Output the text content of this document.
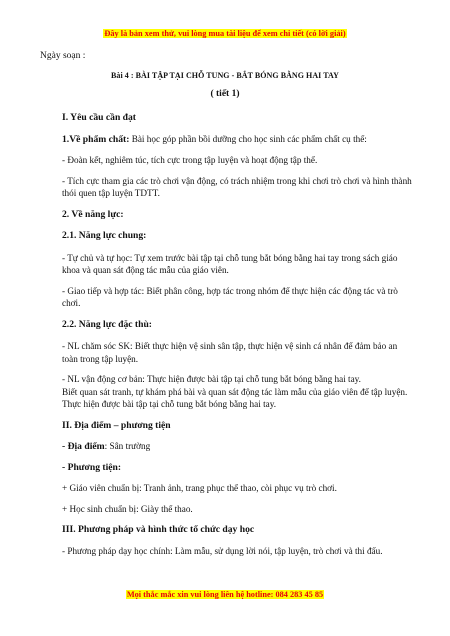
Đây là bản xem thử, vui lòng mua tài liệu để xem chi tiết (có lời giải)
Ngày soạn :
Bài 4 : BÀI TẬP TẠI CHỖ TUNG - BẮT BÓNG BẰNG HAI TAY
( tiết 1)

I. Yêu cầu cần đạt

1.Về phẩm chất: Bài học góp phần bồi dưỡng cho học sinh các phẩm chất cụ thể:

- Đoàn kết, nghiêm túc, tích cực trong tập luyện và hoạt động tập thể.

- Tích cực tham gia các trò chơi vận động, có trách nhiệm trong khi chơi trò chơi và hình thành thói quen tập luyện TDTT.

2. Về năng lực:

2.1. Năng lực chung:

- Tự chủ và tự học: Tự xem trước bài tập tại chỗ tung bắt bóng bằng hai tay trong sách giáo khoa và quan sát động tác mẫu của giáo viên.

- Giao tiếp và hợp tác: Biết phân công, hợp tác trong nhóm để thực hiện các động tác và trò chơi.

2.2. Năng lực đặc thù:

- NL chăm sóc SK: Biết thực hiện vệ sinh sân tập, thực hiện vệ sinh cá nhân để đảm bảo an toàn trong tập luyện.

- NL vận động cơ bản: Thực hiện được bài tập tại chỗ tung bắt bóng bằng hai tay.

Biết quan sát tranh, tự khám phá bài và quan sát động tác làm mẫu của giáo viên để tập luyện. Thực hiện được bài tập tại chỗ tung bắt bóng bằng hai tay.

II. Địa điểm – phương tiện

- Địa điểm: Sân trường

- Phương tiện:

+ Giáo viên chuẩn bị: Tranh ảnh, trang phục thể thao, còi phục vụ trò chơi.

+ Học sinh chuẩn bị: Giày thể thao.

III. Phương pháp và hình thức tổ chức dạy học

- Phương pháp dạy học chính: Làm mẫu, sử dụng lời nói, tập luyện, trò chơi và thi đấu.

Mọi thắc mắc xin vui lòng liên hệ hotline: 084 283 45 85
